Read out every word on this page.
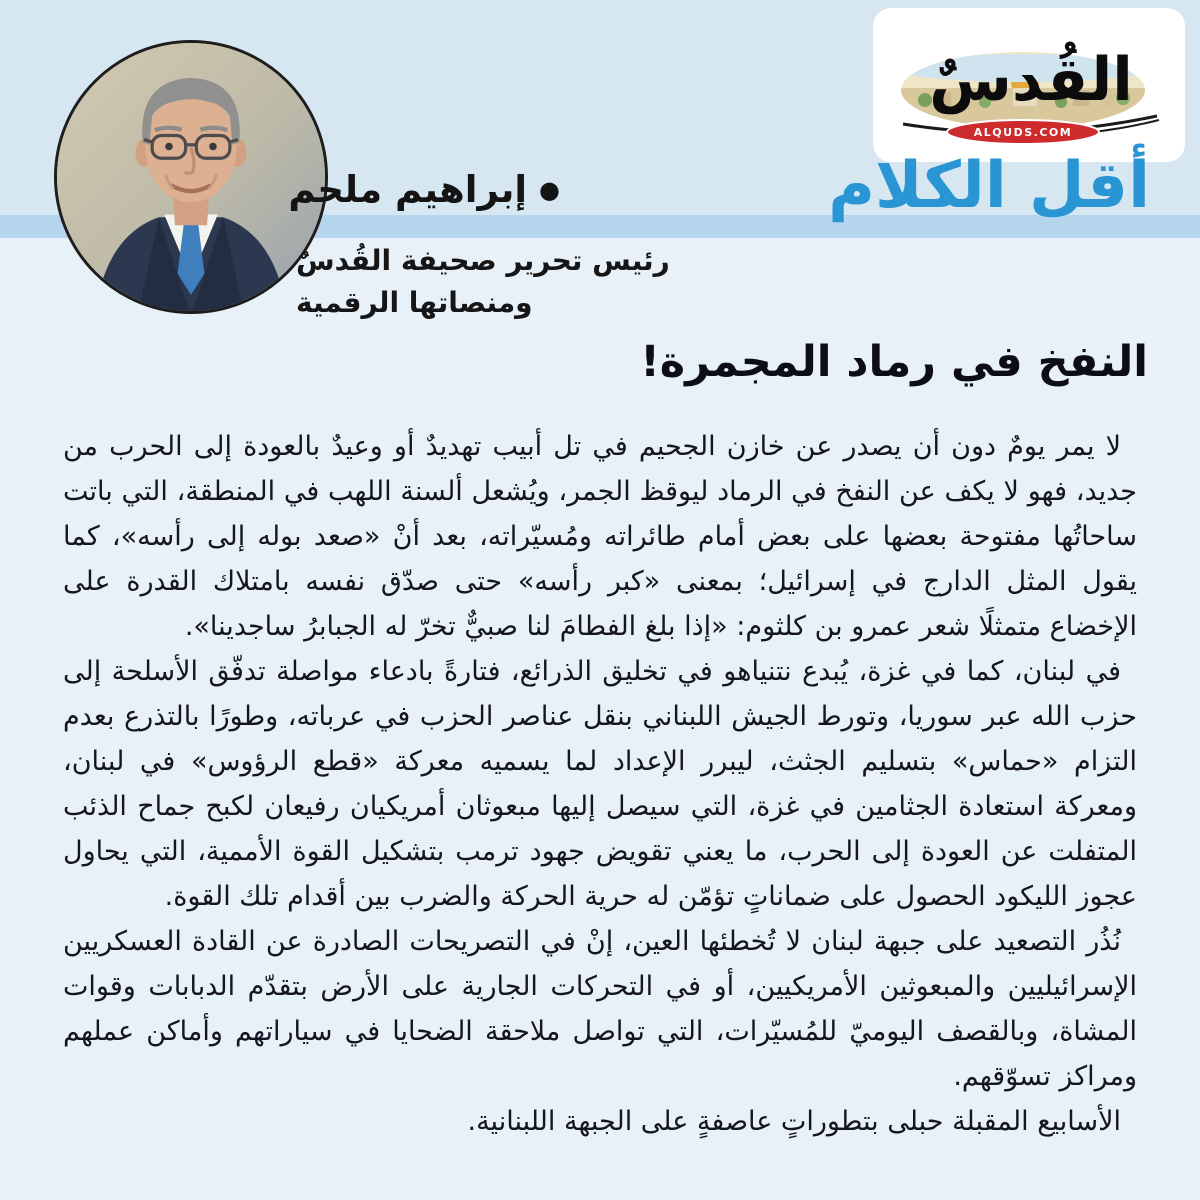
القُدسٌ
ALQUDS.COM
أقل الكلام
●
إبراهيم ملحم
رئيس تحرير صحيفة القُدسٌ
ومنصاتها الرقمية
النفخ في رماد المجمرة!

لا يمر يومٌ دون أن يصدر عن خازن الجحيم في تل أبيب تهديدٌ أو وعيدٌ بالعودة إلى الحرب من جديد، فهو لا يكف عن النفخ في الرماد ليوقظ الجمر، ويُشعل ألسنة اللهب في المنطقة، التي باتت ساحاتُها مفتوحة بعضها على بعض أمام طائراته ومُسيّراته، بعد أنْ «صعد بوله إلى رأسه»، كما يقول المثل الدارج في إسرائيل؛ بمعنى «كبر رأسه» حتى صدّق نفسه بامتلاك القدرة على الإخضاع متمثلًا شعر عمرو بن كلثوم: «إذا بلغ الفطامَ لنا صبيٌّ تخرّ له الجبابرُ ساجدينا».

في لبنان، كما في غزة، يُبدع نتنياهو في تخليق الذرائع، فتارةً بادعاء مواصلة تدفّق الأسلحة إلى حزب الله عبر سوريا، وتورط الجيش اللبناني بنقل عناصر الحزب في عرباته، وطورًا بالتذرع بعدم التزام «حماس» بتسليم الجثث، ليبرر الإعداد لما يسميه معركة «قطع الرؤوس» في لبنان، ومعركة استعادة الجثامين في غزة، التي سيصل إليها مبعوثان أمريكيان رفيعان لكبح جماح الذئب المتفلت عن العودة إلى الحرب، ما يعني تقويض جهود ترمب بتشكيل القوة الأممية، التي يحاول عجوز الليكود الحصول على ضماناتٍ تؤمّن له حرية الحركة والضرب بين أقدام تلك القوة.

نُذُر التصعيد على جبهة لبنان لا تُخطئها العين، إنْ في التصريحات الصادرة عن القادة العسكريين الإسرائيليين والمبعوثين الأمريكيين، أو في التحركات الجارية على الأرض بتقدّم الدبابات وقوات المشاة، وبالقصف اليوميّ للمُسيّرات، التي تواصل ملاحقة الضحايا في سياراتهم وأماكن عملهم ومراكز تسوّقهم.

الأسابيع المقبلة حبلى بتطوراتٍ عاصفةٍ على الجبهة اللبنانية.
